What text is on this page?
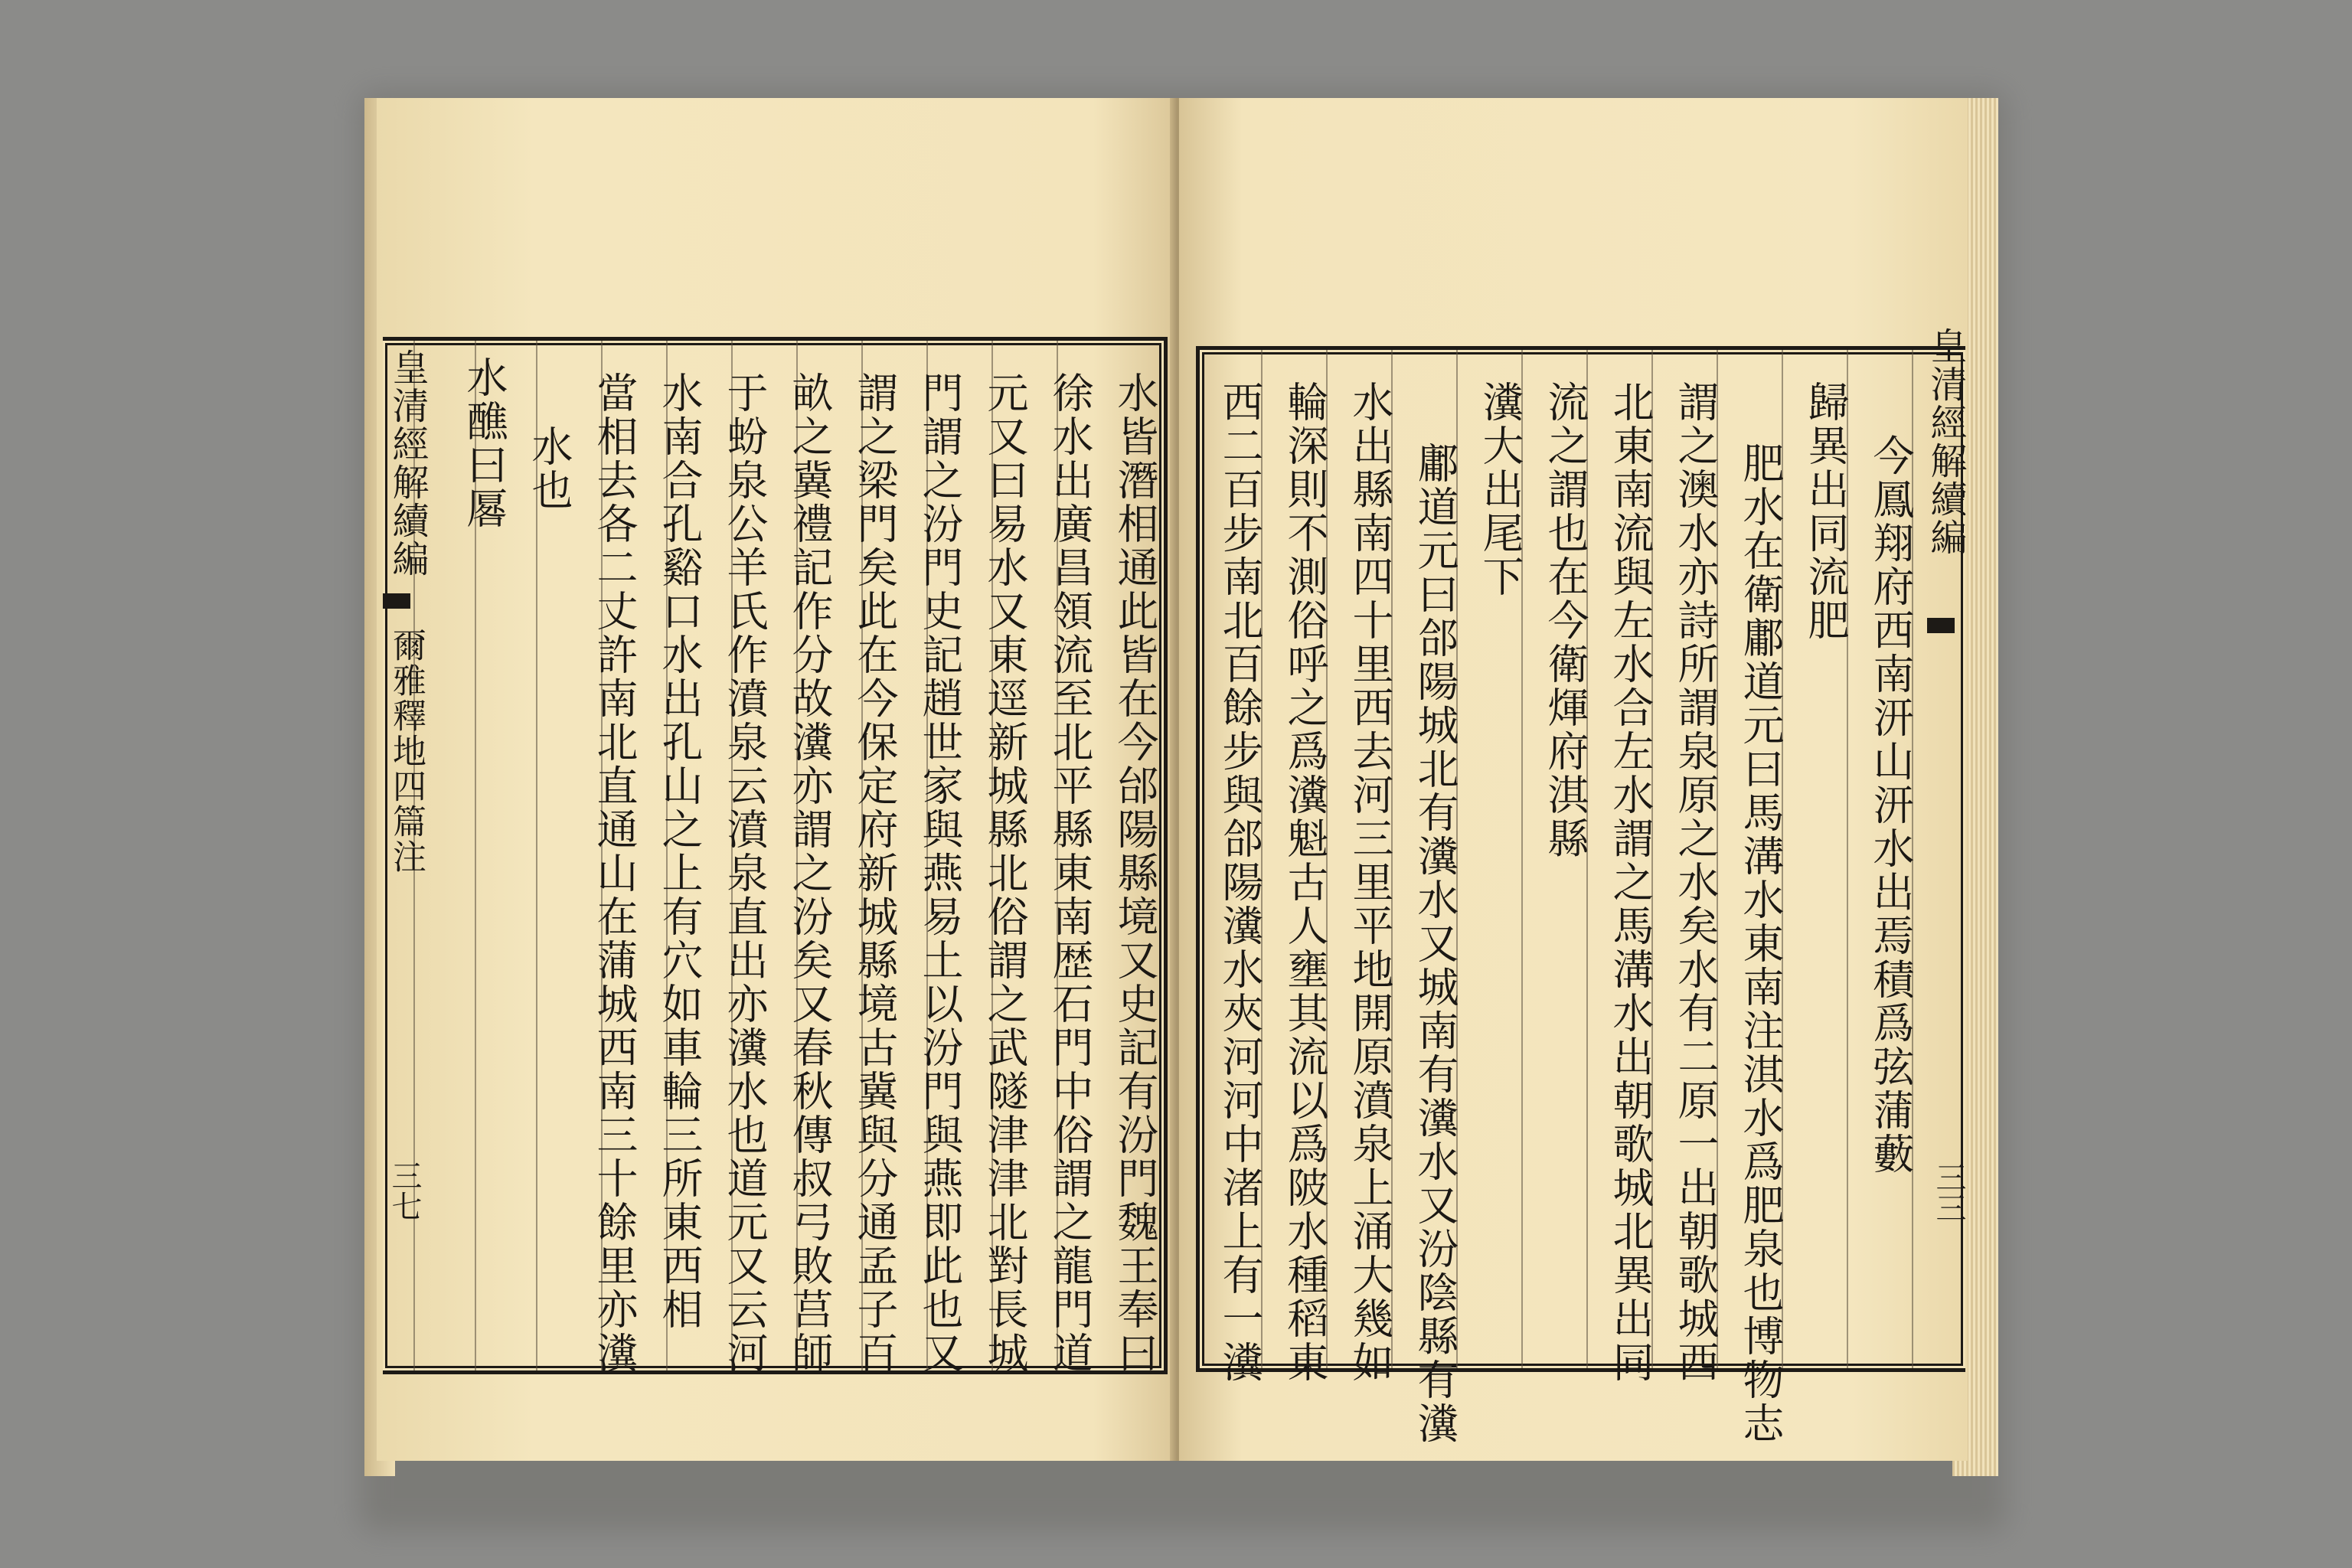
水皆潛相通此皆在今邰陽縣境又史記有汾門魏王奉曰
徐水出廣昌領流至北平縣東南歴石門中俗謂之龍門道
元又曰易水又東逕新城縣北俗謂之武隧津津北對長城
門謂之汾門史記趙世家與燕易土以汾門與燕即此也又
謂之梁門矣此在今保定府新城縣境古冀與分通孟子百
畝之冀禮記作分故瀵亦謂之汾矣又春秋傳叔弓敗莒師
于蚡泉公羊氏作濆泉云濆泉直出亦瀵水也道元又云河
水南合孔谿口水出孔山之上有穴如車輪三所東西相
當相去各二丈許南北直通山在蒲城西南三十餘里亦瀵
水也
水醮曰厬
皇清經解續編
爾雅釋地四篇注
三七
今鳳翔府西南汧山汧水出焉積爲弦蒲藪
歸異出同流肥
肥水在衛鄘道元曰馬溝水東南注淇水爲肥泉也博物志
謂之澳水亦詩所謂泉原之水矣水有二原一出朝歌城西
北東南流與左水合左水謂之馬溝水出朝歌城北異出同
流之謂也在今衛煇府淇縣
瀵大出尾下
鄘道元曰郃陽城北有瀵水又城南有瀵水又汾陰縣有瀵
水出縣南四十里西去河三里平地開原濆泉上涌大幾如
輪深則不測俗呼之爲瀵魁古人壅其流以爲陂水種稻東
西二百步南北百餘步與郃陽瀵水夾河河中渚上有一瀵	皇清經解續編
三三
